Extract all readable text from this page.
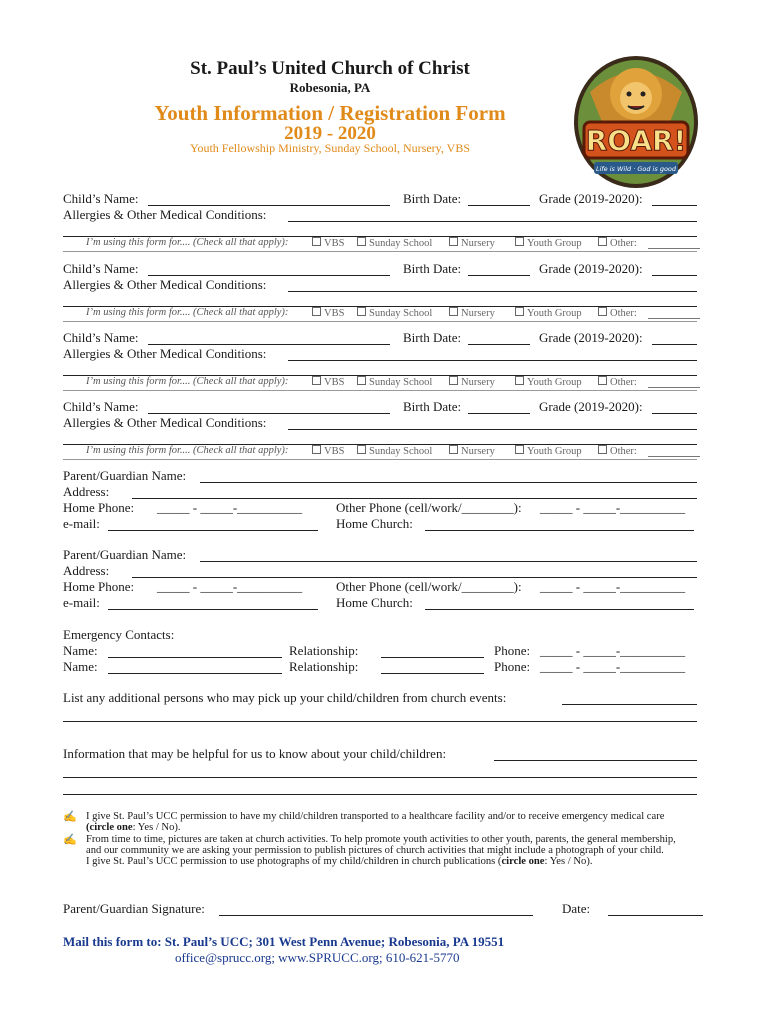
St. Paul’s United Church of Christ
Robesonia, PA
Youth Information / Registration Form
2019 - 2020
Youth Fellowship Ministry, Sunday School, Nursery, VBS	ROAR!
Life is Wild · God is good
Child’s Name:	Birth Date:	Grade (2019-2020):
Allergies & Other Medical Conditions:
I’m using this form for.... (Check all that apply):	VBS	Sunday School	Nursery	Youth Group	Other:
Child’s Name:	Birth Date:	Grade (2019-2020):
Allergies & Other Medical Conditions:
I’m using this form for.... (Check all that apply):	VBS	Sunday School	Nursery	Youth Group	Other:
Child’s Name:	Birth Date:	Grade (2019-2020):
Allergies & Other Medical Conditions:
I’m using this form for.... (Check all that apply):	VBS	Sunday School	Nursery	Youth Group	Other:
Child’s Name:	Birth Date:	Grade (2019-2020):
Allergies & Other Medical Conditions:
I’m using this form for.... (Check all that apply):	VBS	Sunday School	Nursery	Youth Group	Other:
Parent/Guardian Name:
Address:
Home Phone: _____ - _____-__________	Other Phone (cell/work/________): _____ - _____-__________
e-mail:	Home Church:
Parent/Guardian Name:
Address:
Home Phone: _____ - _____-__________	Other Phone (cell/work/________): _____ - _____-__________
e-mail:	Home Church:
Emergency Contacts:
Name:	Relationship:	Phone: _____ - _____-__________
Name:	Relationship:	Phone: _____ - _____-__________
List any additional persons who may pick up your child/children from church events:
Information that may be helpful for us to know about your child/children:
✍ I give St. Paul’s UCC permission to have my child/children transported to a healthcare facility and/or to receive emergency medical care
(circle one: Yes / No).
✍ From time to time, pictures are taken at church activities. To help promote youth activities to other youth, parents, the general membership,
and our community we are asking your permission to publish pictures of church activities that might include a photograph of your child.
I give St. Paul’s UCC permission to use photographs of my child/children in church publications (circle one: Yes / No).
Parent/Guardian Signature:	Date:
Mail this form to: St. Paul’s UCC; 301 West Penn Avenue; Robesonia, PA 19551
office@sprucc.org; www.SPRUCC.org; 610-621-5770
